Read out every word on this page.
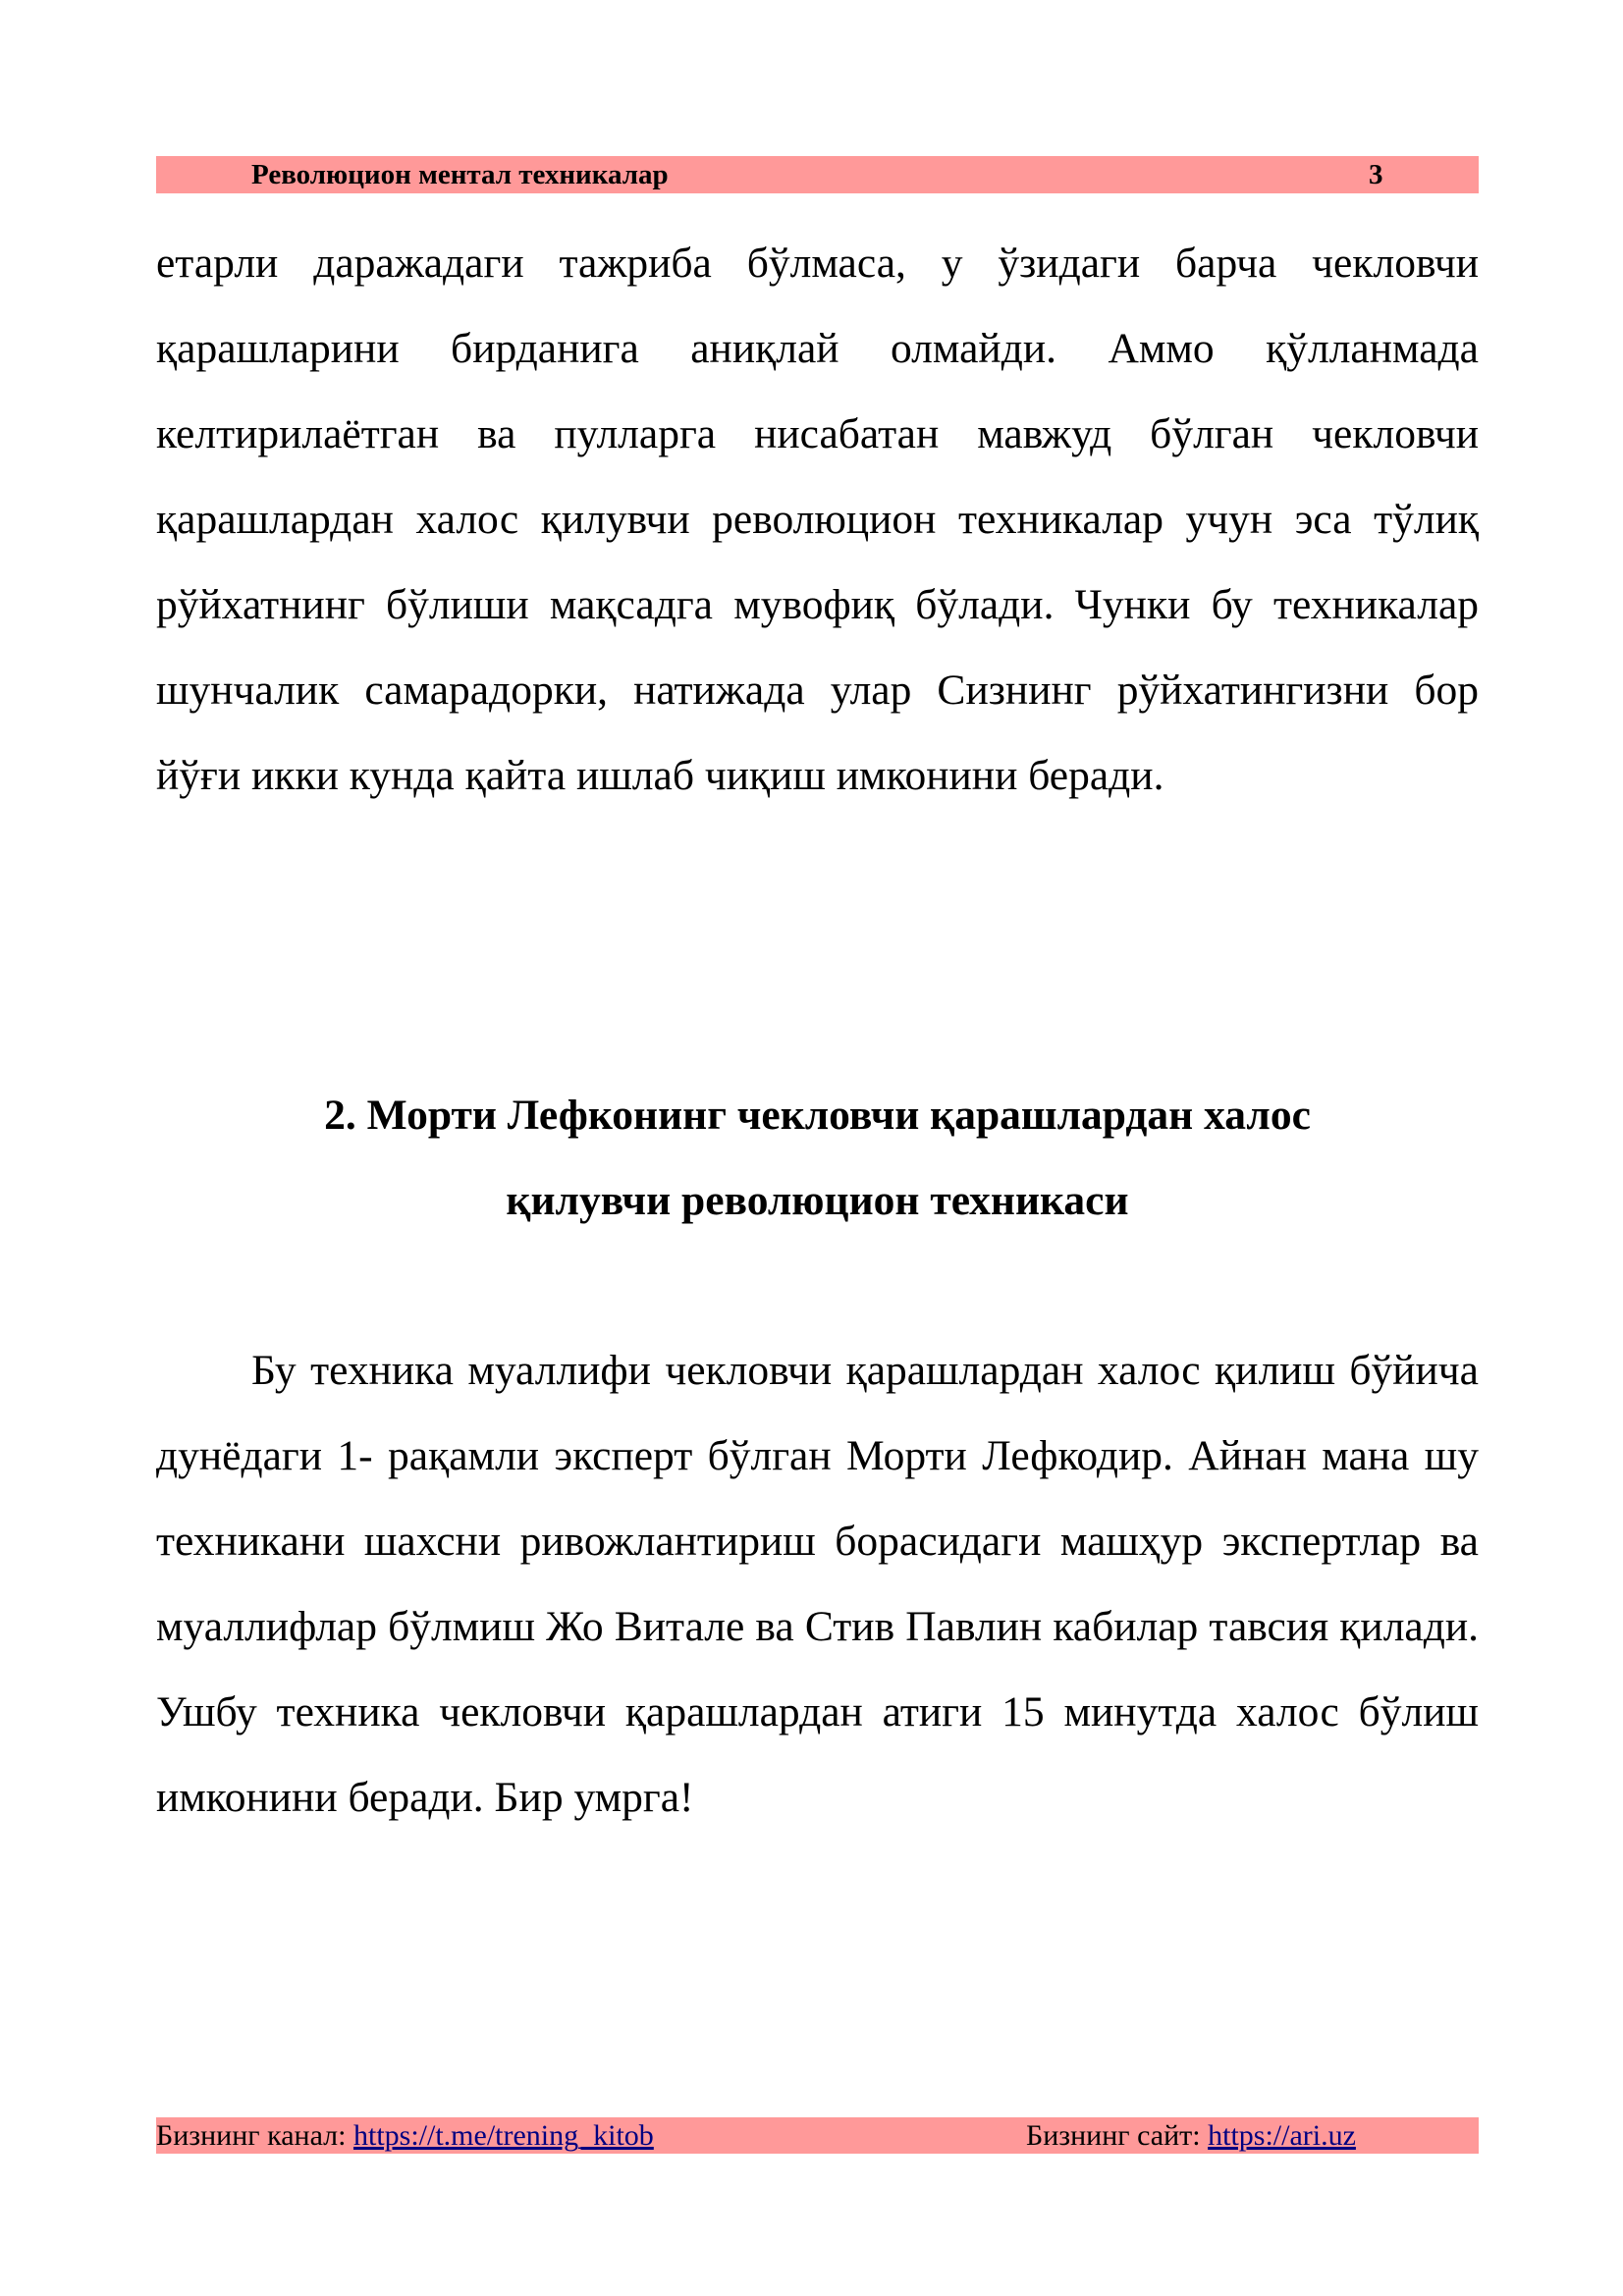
Революцион ментал техникалар	3

етарли даражадаги тажриба бўлмаса, у ўзидаги барча чекловчи қарашларини бирданига аниқлай олмайди. Аммо қўлланмада келтирилаётган ва пулларга нисабатан мавжуд бўлган чекловчи қарашлардан халос қилувчи революцион техникалар учун эса тўлиқ рўйхатнинг бўлиши мақсадга мувофиқ бўлади. Чунки бу техникалар шунчалик самарадорки, натижада улар Сизнинг рўйхатингизни бор йўғи икки кунда қайта ишлаб чиқиш имконини беради.

2. Морти Лефконинг чекловчи қарашлардан халос
қилувчи революцион техникаси

Бу техника муаллифи чекловчи қарашлардан халос қилиш бўйича дунёдаги 1- рақамли эксперт бўлган Морти Лефкодир. Айнан мана шу техникани шахсни ривожлантириш борасидаги машҳур экспертлар ва муаллифлар бўлмиш Жо Витале ва Стив Павлин кабилар тавсия қилади. Ушбу техника чекловчи қарашлардан атиги 15 минутда халос бўлиш имконини беради. Бир умрга!

Бизнинг канал: https://t.me/trening_kitob	Бизнинг сайт: https://ari.uz
